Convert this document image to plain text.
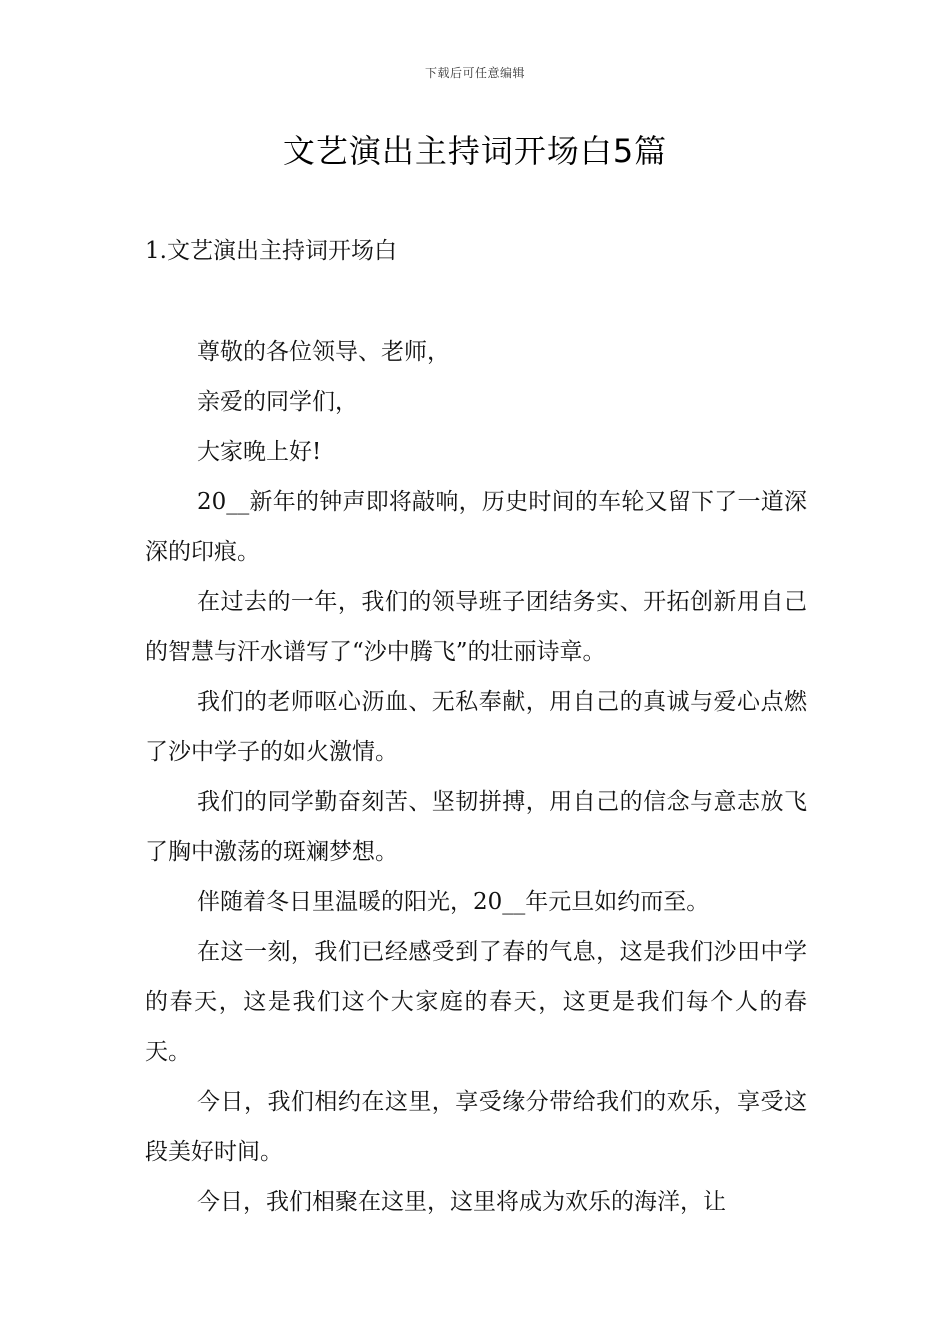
下载后可任意编辑
文艺演出主持词开场白5篇
1.文艺演出主持词开场白

尊敬的各位领导、老师，

亲爱的同学们，

大家晚上好!

20__新年的钟声即将敲响，历史时间的车轮又留下了一道深深的印痕。

在过去的一年，我们的领导班子团结务实、开拓创新用自己的智慧与汗水谱写了“沙中腾飞”的壮丽诗章。

我们的老师呕心沥血、无私奉献，用自己的真诚与爱心点燃了沙中学子的如火激情。

我们的同学勤奋刻苦、坚韧拼搏，用自己的信念与意志放飞了胸中激荡的斑斓梦想。

伴随着冬日里温暖的阳光，20__年元旦如约而至。

在这一刻，我们已经感受到了春的气息，这是我们沙田中学的春天，这是我们这个大家庭的春天，这更是我们每个人的春天。

今日，我们相约在这里，享受缘分带给我们的欢乐，享受这段美好时间。

今日，我们相聚在这里，这里将成为欢乐的海洋，让
